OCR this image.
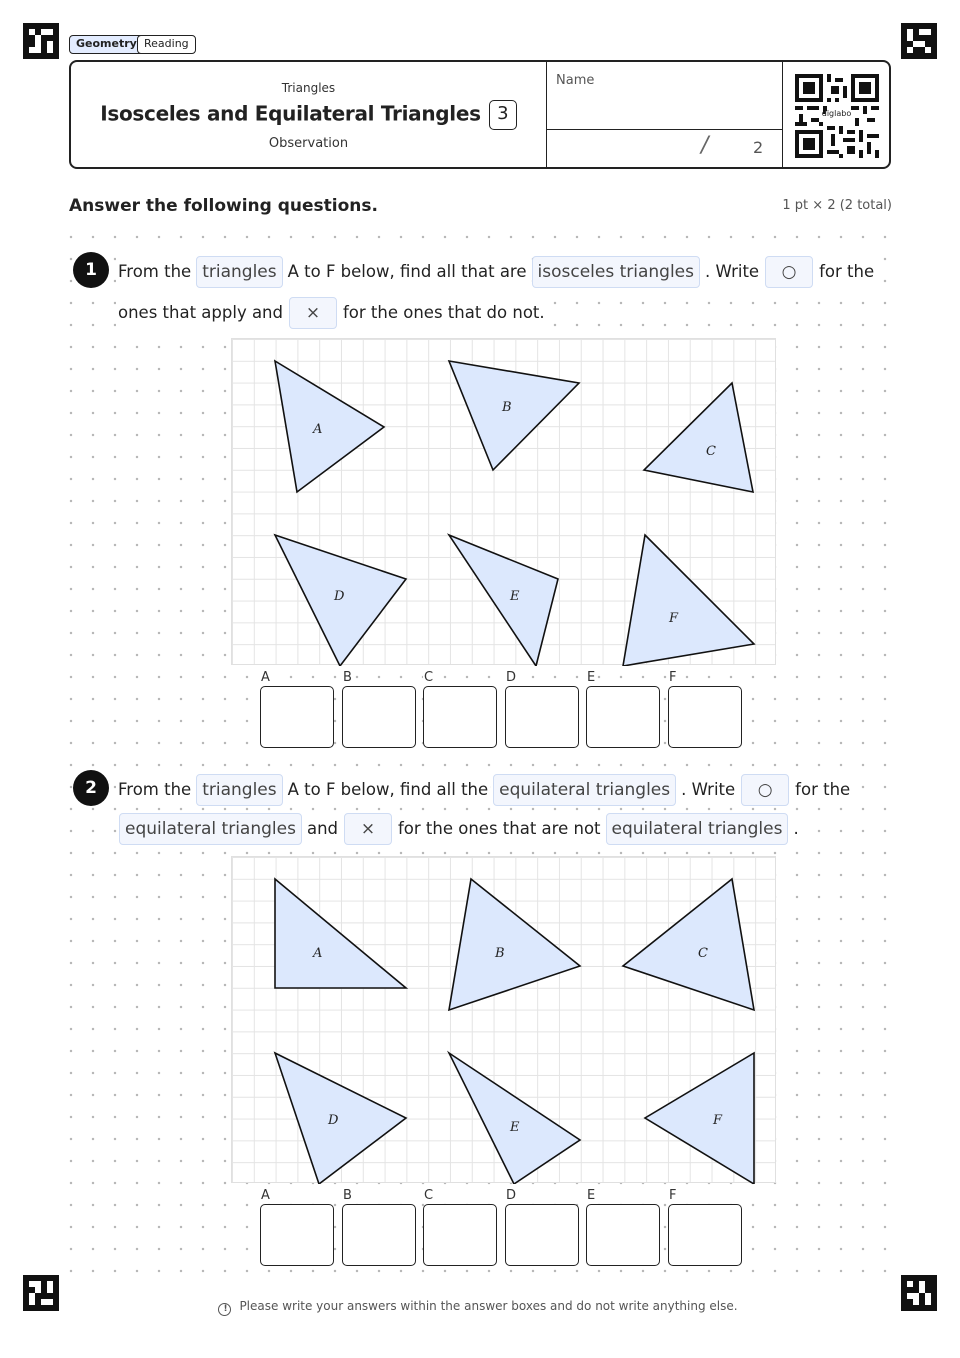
Geometry Reading
Triangles
Isosceles and Equilateral Triangles 3
Observation
Name
/	2
diglabo
Answer the following questions.	1 pt × 2 (2 total)
1	From the triangles A to F below, find all that are isosceles triangles . Write ○ for the
ones that apply and × for the ones that do not.
A
B
C
D	E
F
A	B	C	D	E	F
2	From the triangles A to F below, find all the equilateral triangles . Write ○ for the
equilateral triangles and × for the ones that are not equilateral triangles .
A	B	C
D	E	F
A	B	C	D	E	F
! Please write your answers within the answer boxes and do not write anything else.
